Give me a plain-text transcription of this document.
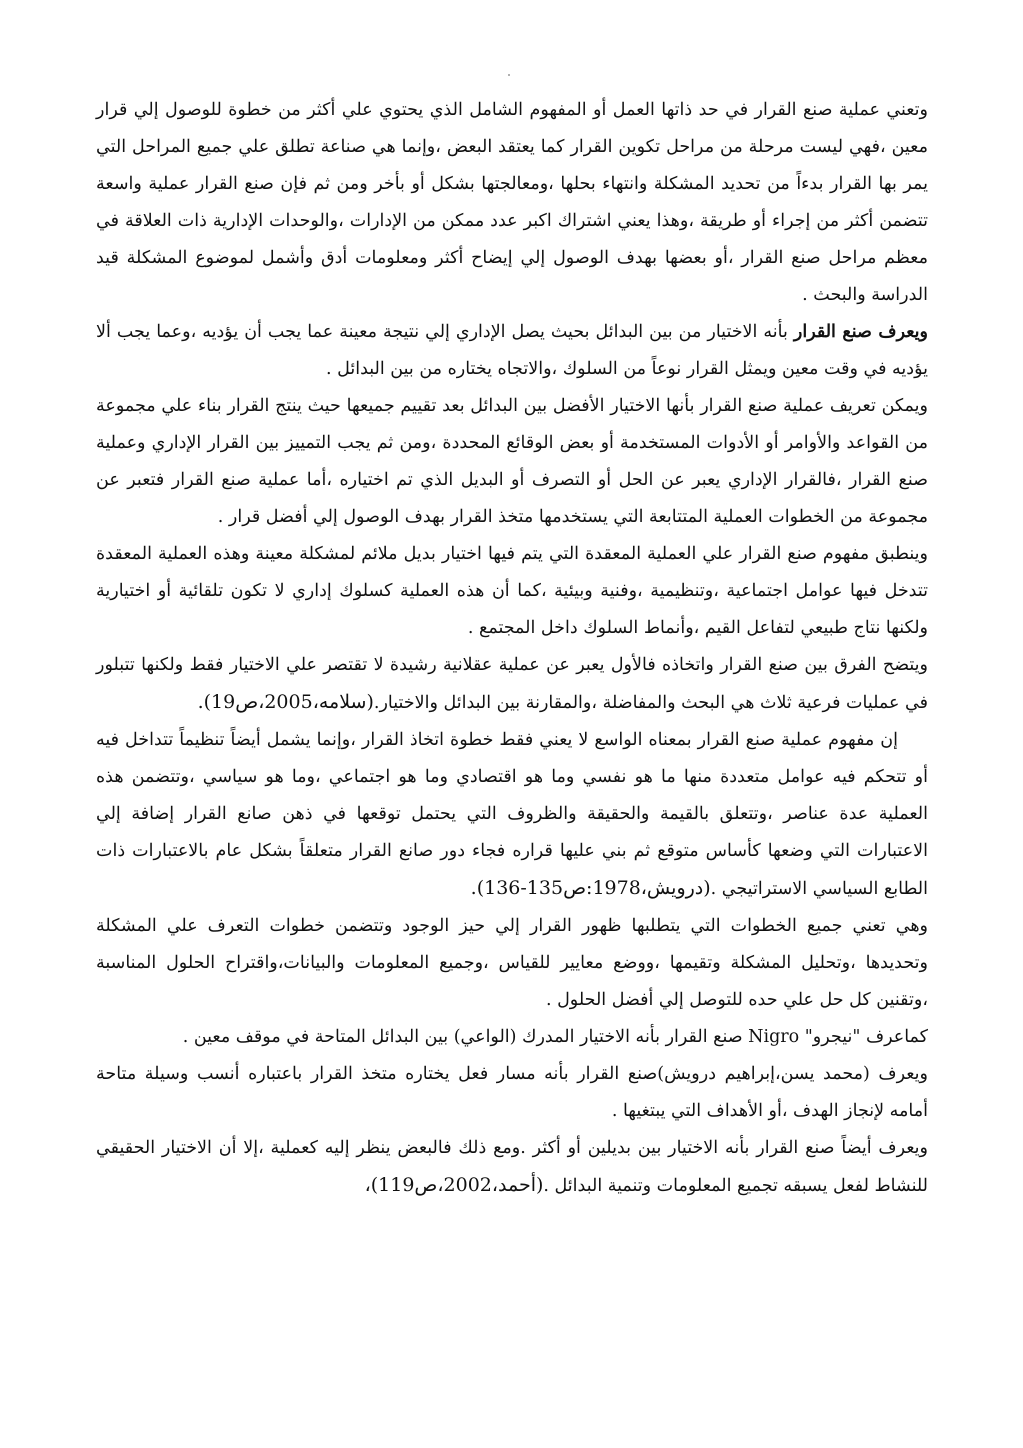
وتعني عملية صنع القرار في حد ذاتها العمل أو المفهوم الشامل الذي يحتوي علي أكثر من خطوة للوصول إلي قرار معين ،فهي ليست مرحلة من مراحل تكوين القرار كما يعتقد البعض ،وإنما هي صناعة تطلق علي جميع المراحل التي يمر بها القرار بدءاً من تحديد المشكلة وانتهاء بحلها ،ومعالجتها بشكل أو بأخر ومن ثم فإن صنع القرار عملية واسعة تتضمن أكثر من إجراء أو طريقة ،وهذا يعني اشتراك اكبر عدد ممكن من الإدارات ،والوحدات الإدارية ذات العلاقة في معظم مراحل صنع القرار ،أو بعضها بهدف الوصول إلي إيضاح أكثر ومعلومات أدق وأشمل لموضوع المشكلة قيد الدراسة والبحث .

ويعرف صنع القرار بأنه الاختيار من بين البدائل بحيث يصل الإداري إلي نتيجة معينة عما يجب أن يؤديه ،وعما يجب ألا يؤديه في وقت معين ويمثل القرار نوعاً من السلوك ،والاتجاه يختاره من بين البدائل .

ويمكن تعريف عملية صنع القرار بأنها الاختيار الأفضل بين البدائل بعد تقييم جميعها حيث ينتج القرار بناء علي مجموعة من القواعد والأوامر أو الأدوات المستخدمة أو بعض الوقائع المحددة ،ومن ثم يجب التمييز بين القرار الإداري وعملية صنع القرار ،فالقرار الإداري يعبر عن الحل أو التصرف أو البديل الذي تم اختياره ،أما عملية صنع القرار فتعبر عن مجموعة من الخطوات العملية المتتابعة التي يستخدمها متخذ القرار بهدف الوصول إلي أفضل قرار .

وينطبق مفهوم صنع القرار علي العملية المعقدة التي يتم فيها اختيار بديل ملائم لمشكلة معينة وهذه العملية المعقدة تتدخل فيها عوامل اجتماعية ،وتنظيمية ،وفنية وبيئية ،كما أن هذه العملية كسلوك إداري لا تكون تلقائية أو اختيارية ولكنها نتاج طبيعي لتفاعل القيم ،وأنماط السلوك داخل المجتمع .

ويتضح الفرق بين صنع القرار واتخاذه فالأول يعبر عن عملية عقلانية رشيدة لا تقتصر علي الاختيار فقط ولكنها تتبلور في عمليات فرعية ثلاث هي البحث والمفاضلة ،والمقارنة بين البدائل والاختيار.(سلامه،2005،ص19).

إن مفهوم عملية صنع القرار بمعناه الواسع لا يعني فقط خطوة اتخاذ القرار ،وإنما يشمل أيضاً تنظيماً تتداخل فيه أو تتحكم فيه عوامل متعددة منها ما هو نفسي وما هو اقتصادي وما هو اجتماعي ،وما هو سياسي ،وتتضمن هذه العملية عدة عناصر ،وتتعلق بالقيمة والحقيقة والظروف التي يحتمل توقعها في ذهن صانع القرار إضافة إلي الاعتبارات التي وضعها كأساس متوقع ثم بني عليها قراره فجاء دور صانع القرار متعلقاً بشكل عام بالاعتبارات ذات الطابع السياسي الاستراتيجي .(درويش،1978:ص135-136).

وهي تعني جميع الخطوات التي يتطلبها ظهور القرار إلي حيز الوجود وتتضمن خطوات التعرف علي المشكلة وتحديدها ،وتحليل المشكلة وتقيمها ،ووضع معايير للقياس ،وجميع المعلومات والبيانات،واقتراح الحلول المناسبة ،وتقنين كل حل علي حده للتوصل إلي أفضل الحلول .

كماعرف "نيجرو" Nigro صنع القرار بأنه الاختيار المدرك (الواعي) بين البدائل المتاحة في موقف معين .

ويعرف (محمد يسن،إبراهيم درويش)صنع القرار بأنه مسار فعل يختاره متخذ القرار باعتباره أنسب وسيلة متاحة أمامه لإنجاز الهدف ،أو الأهداف التي يبتغيها .

ويعرف أيضاً صنع القرار بأنه الاختيار بين بديلين أو أكثر .ومع ذلك فالبعض ينظر إليه كعملية ،إلا أن الاختيار الحقيقي للنشاط لفعل يسبقه تجميع المعلومات وتنمية البدائل .(أحمد،2002،ص119)،
